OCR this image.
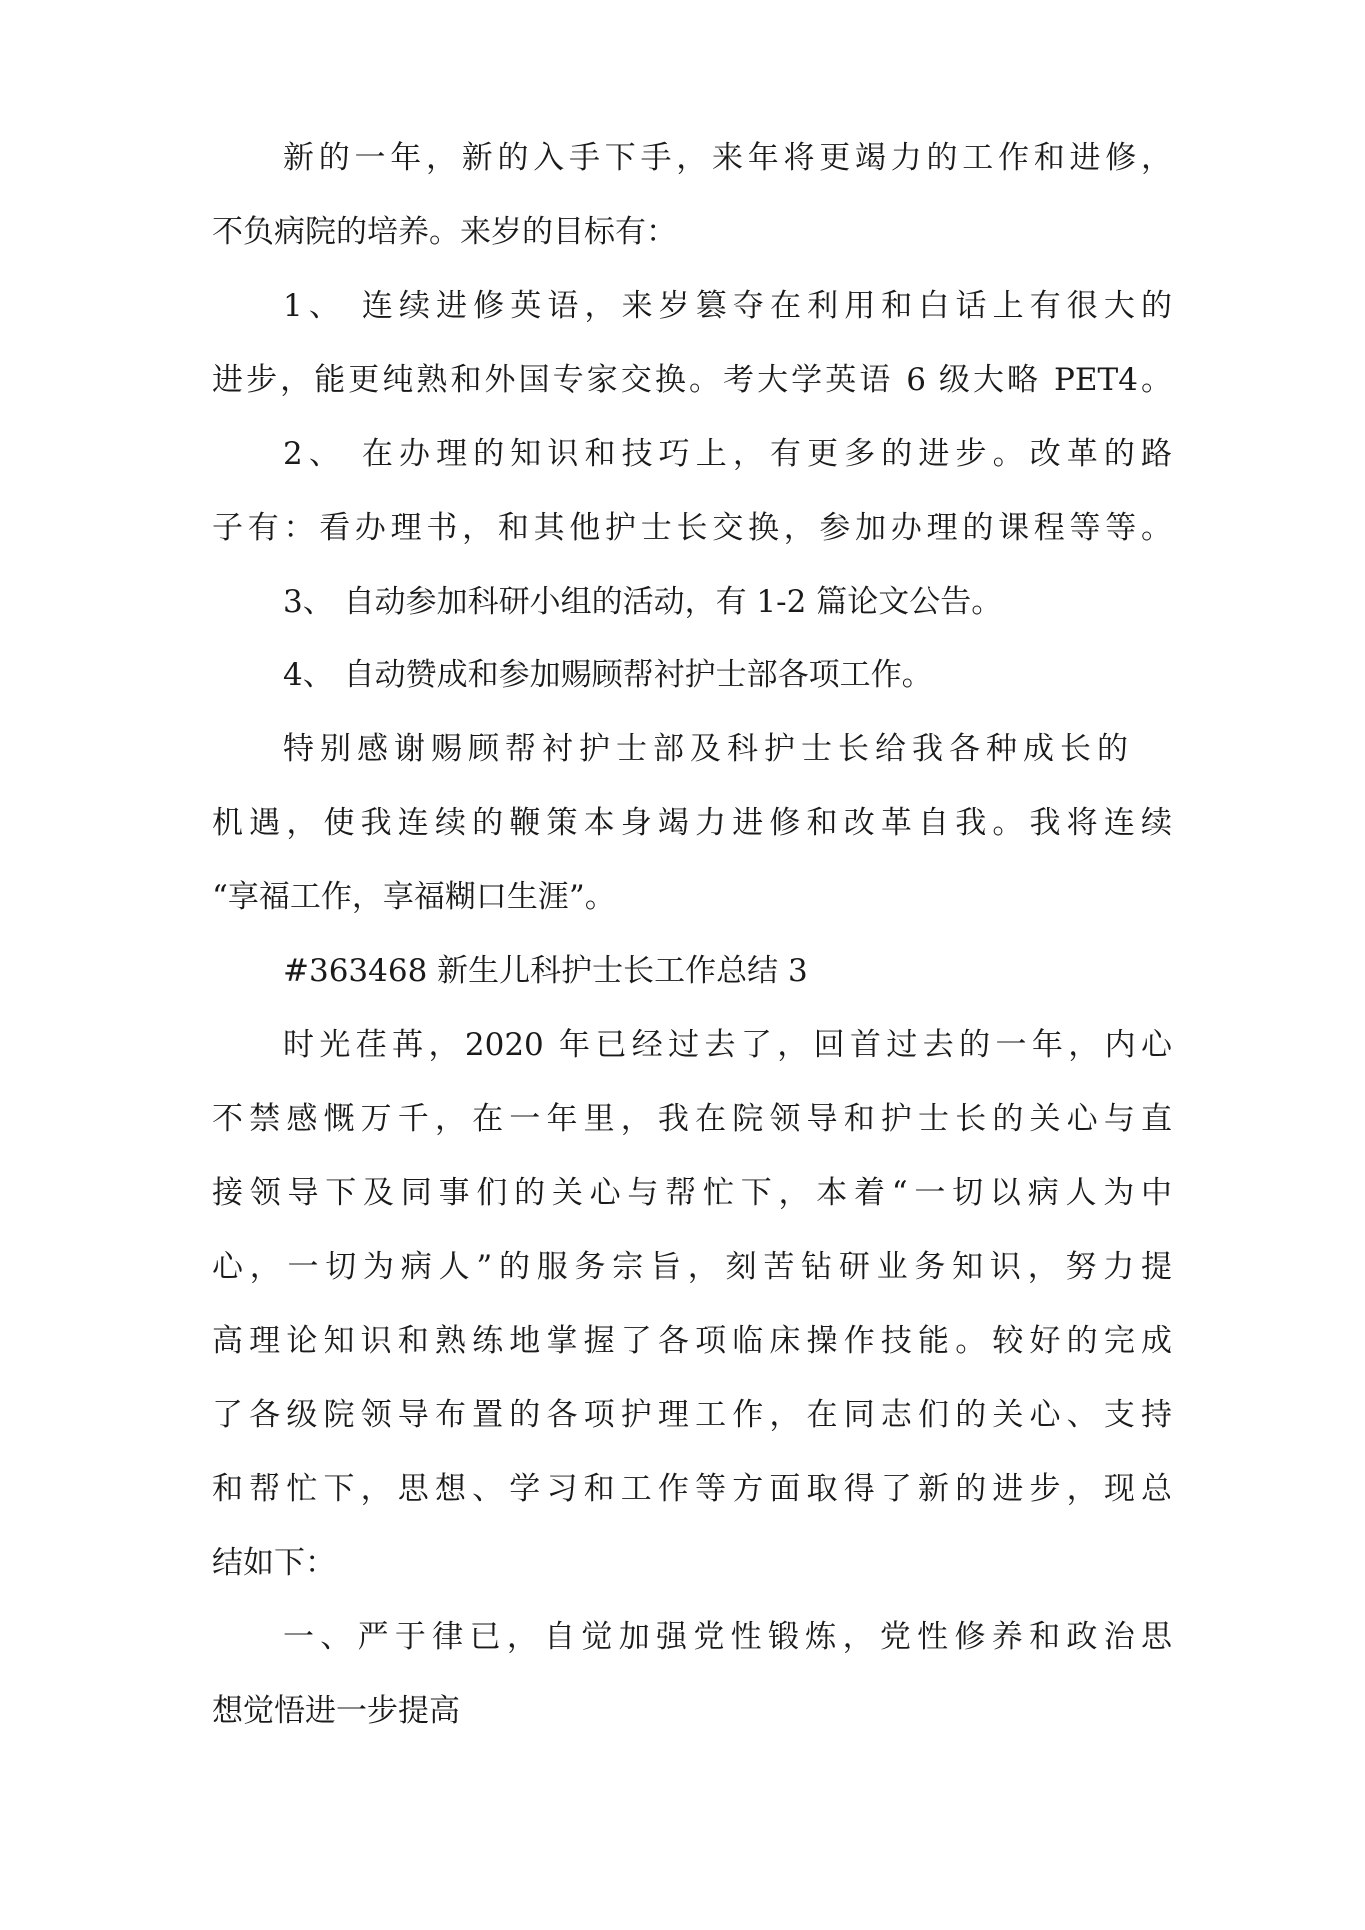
新的一年，新的入手下手，来年将更竭力的工作和进修，
不负病院的培养。来岁的目标有：
1、 连续进修英语，来岁篡夺在利用和白话上有很大的
进步，能更纯熟和外国专家交换。考大学英语 6 级大略 PET4。
2、 在办理的知识和技巧上，有更多的进步。改革的路
子有：看办理书，和其他护士长交换，参加办理的课程等等。
3、 自动参加科研小组的活动，有 1-2 篇论文公告。
4、 自动赞成和参加赐顾帮衬护士部各项工作。
特别感谢赐顾帮衬护士部及科护士长给我各种成长的
机遇，使我连续的鞭策本身竭力进修和改革自我。我将连续
“享福工作，享福糊口生涯”。
#363468 新生儿科护士长工作总结 3
时光荏苒，2020 年已经过去了，回首过去的一年，内心
不禁感慨万千，在一年里，我在院领导和护士长的关心与直
接领导下及同事们的关心与帮忙下，本着“一切以病人为中
心，一切为病人”的服务宗旨，刻苦钻研业务知识，努力提
高理论知识和熟练地掌握了各项临床操作技能。较好的完成
了各级院领导布置的各项护理工作，在同志们的关心、支持
和帮忙下，思想、学习和工作等方面取得了新的进步，现总
结如下：
一、严于律已，自觉加强党性锻炼，党性修养和政治思
想觉悟进一步提高
